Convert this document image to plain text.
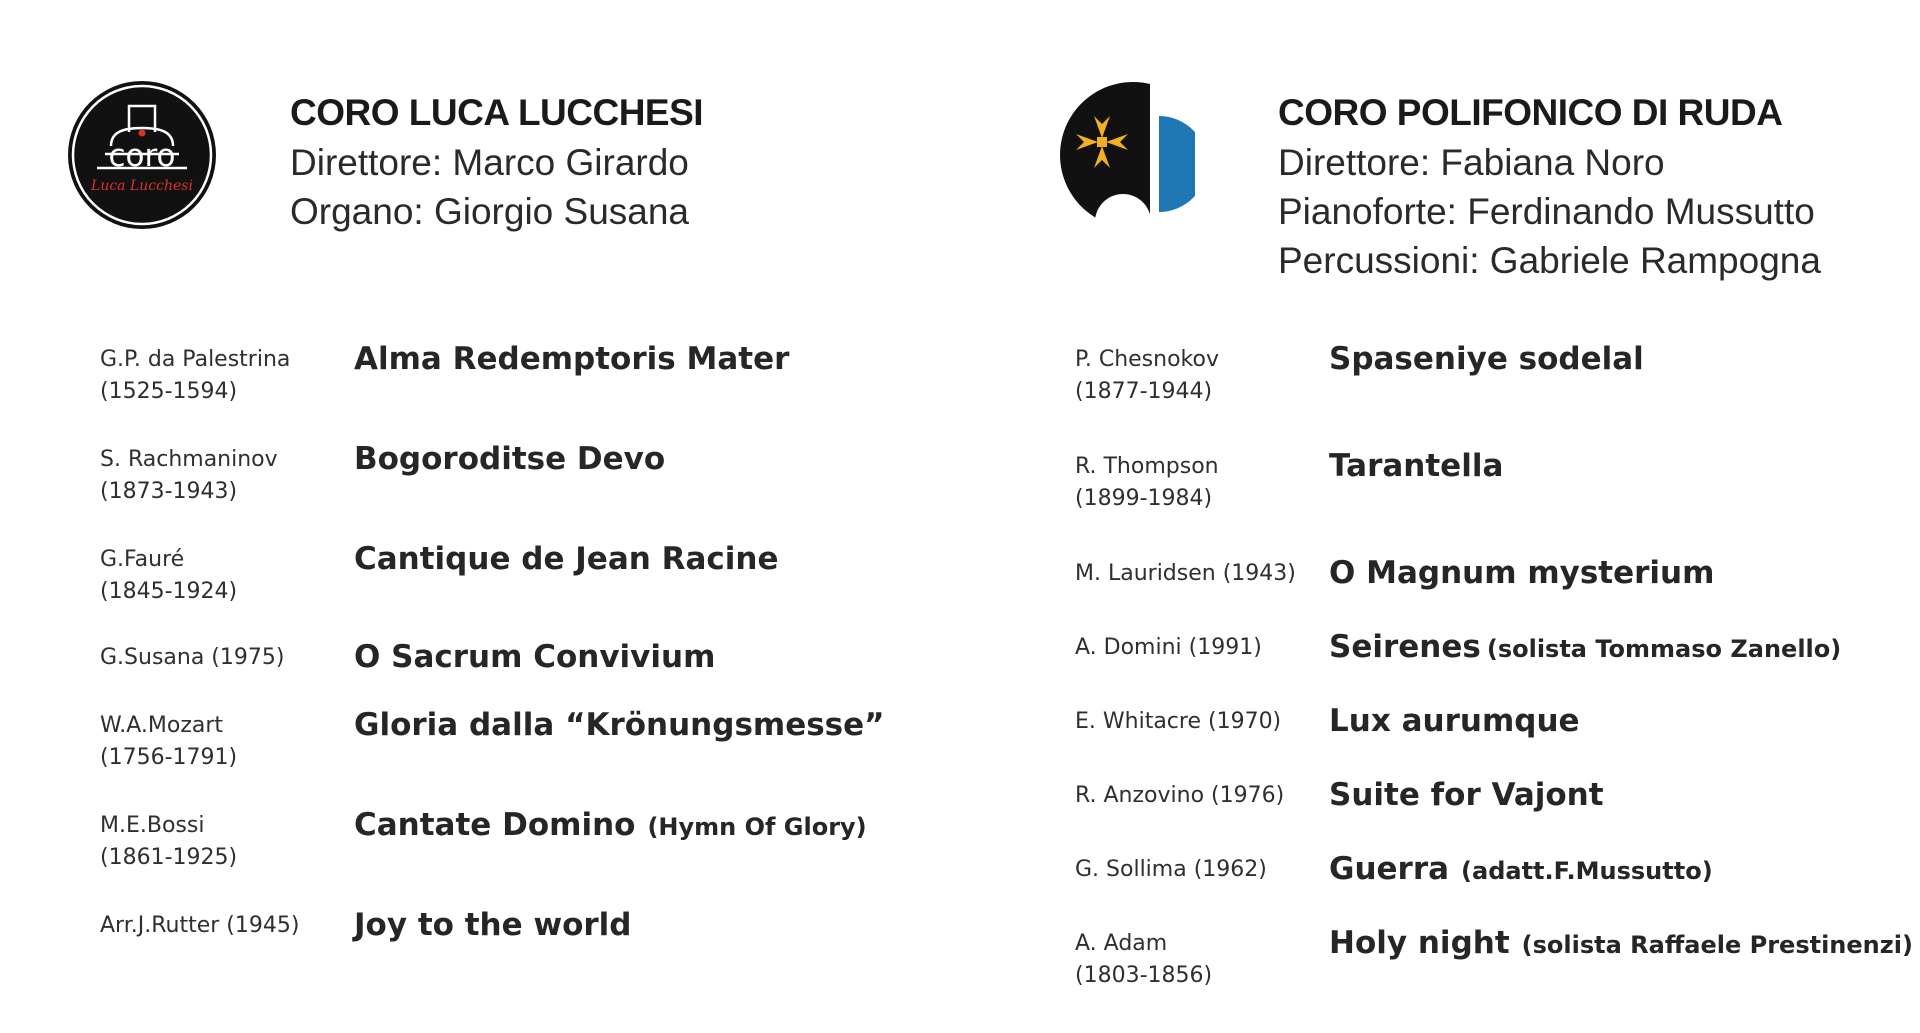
coro
Luca Lucchesi
CORO LUCA LUCCHESI
Direttore: Marco Girardo
Organo: Giorgio Susana
G.P. da Palestrina
(1525-1594)
Alma Redemptoris Mater
S. Rachmaninov
(1873-1943)
Bogoroditse Devo
G.Fauré
(1845-1924)
Cantique de Jean Racine
G.Susana (1975) O Sacrum Convivium
W.A.Mozart
(1756-1791)
Gloria dalla “Krönungsmesse”
M.E.Bossi
(1861-1925)
Cantate Domino (Hymn Of Glory)
Arr.J.Rutter (1945) Joy to the world
CORO POLIFONICO DI RUDA
Direttore: Fabiana Noro
Pianoforte: Ferdinando Mussutto
Percussioni: Gabriele Rampogna
P. Chesnokov
(1877-1944)
Spaseniye sodelal
R. Thompson
(1899-1984)
Tarantella
M. Lauridsen (1943) O Magnum mysterium
A. Domini (1991) Seirenes (solista Tommaso Zanello)
E. Whitacre (1970) Lux aurumque
R. Anzovino (1976) Suite for Vajont
G. Sollima (1962) Guerra (adatt.F.Mussutto)
A. Adam
(1803-1856)
Holy night (solista Raffaele Prestinenzi)
